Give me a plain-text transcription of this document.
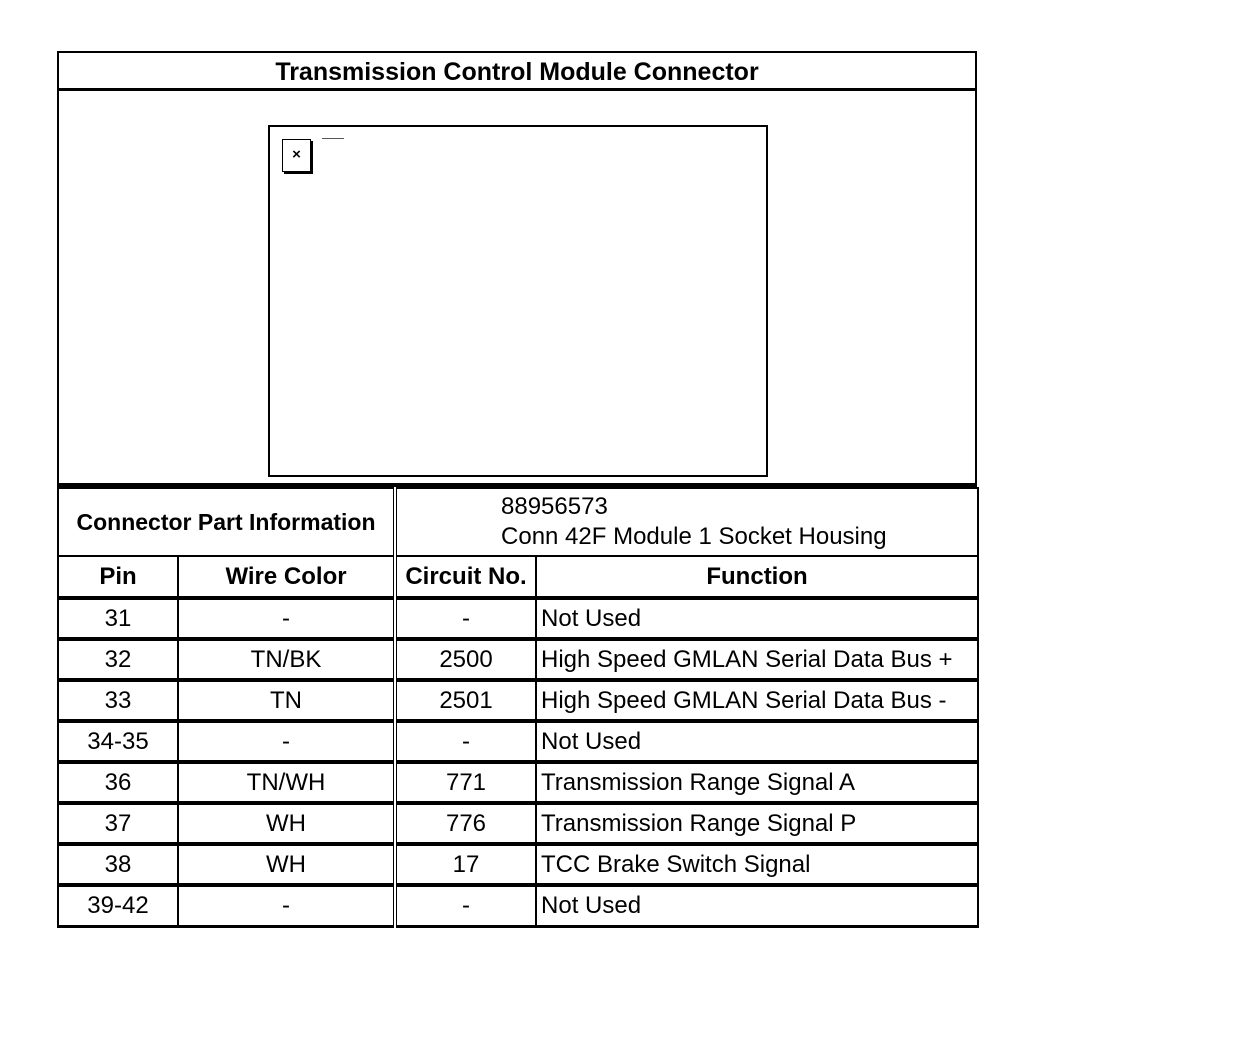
Transmission Control Module Connector
×
Connector Part Information		88956573
Conn 42F Module 1 Socket Housing	

Pin	Wire Color	Circuit No.	Function
31	-	-	Not Used
32	TN/BK	2500	High Speed GMLAN Serial Data Bus +
33	TN	2501	High Speed GMLAN Serial Data Bus -
34-35	-	-	Not Used
36	TN/WH	771	Transmission Range Signal A
37	WH	776	Transmission Range Signal P
38	WH	17	TCC Brake Switch Signal
39-42	-	-	Not Used
